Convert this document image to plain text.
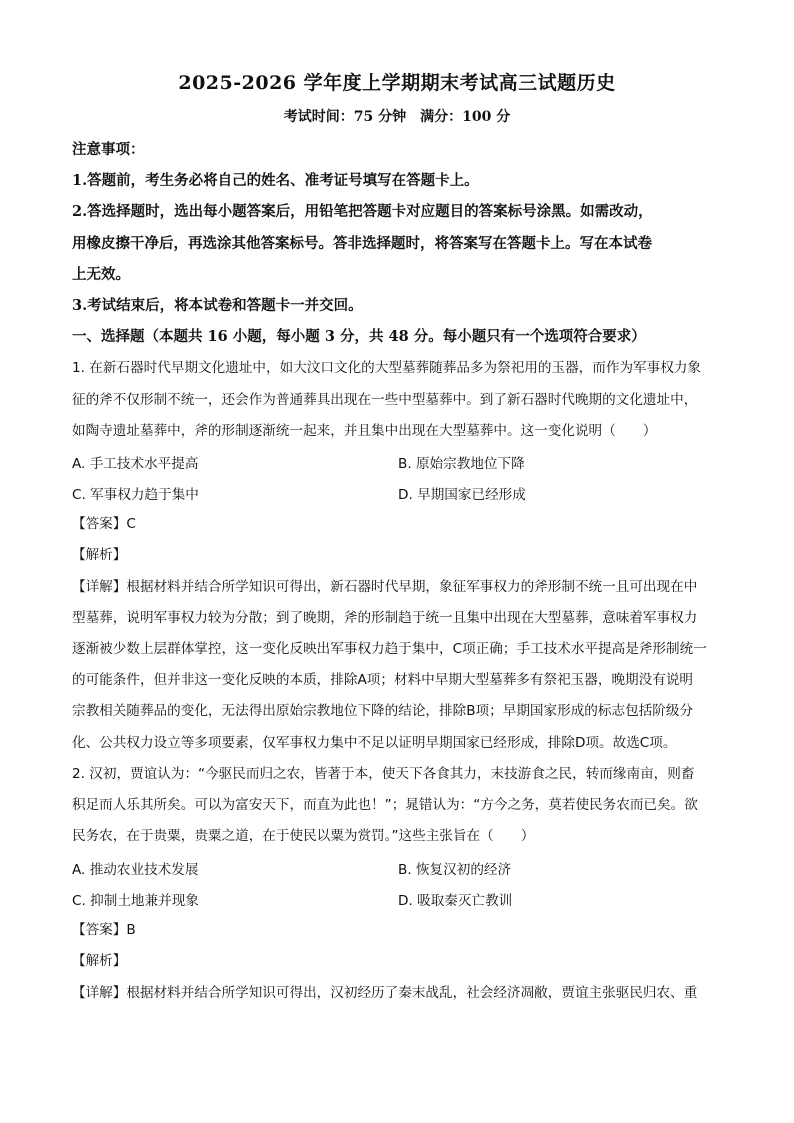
2025-2026 学年度上学期期末考试高三试题历史
考试时间：75 分钟　满分：100 分
注意事项：
1.答题前，考生务必将自己的姓名、准考证号填写在答题卡上。
2.答选择题时，选出每小题答案后，用铅笔把答题卡对应题目的答案标号涂黑。如需改动，
用橡皮擦干净后，再选涂其他答案标号。答非选择题时，将答案写在答题卡上。写在本试卷
上无效。
3.考试结束后，将本试卷和答题卡一并交回。
一、选择题（本题共 16 小题，每小题 3 分，共 48 分。每小题只有一个选项符合要求）
1. 在新石器时代早期文化遗址中，如大汶口文化的大型墓葬随葬品多为祭祀用的玉器，而作为军事权力象
征的斧不仅形制不统一，还会作为普通葬具出现在一些中型墓葬中。到了新石器时代晚期的文化遗址中，
如陶寺遗址墓葬中，斧的形制逐渐统一起来，并且集中出现在大型墓葬中。这一变化说明（　　）
A. 手工技术水平提高	B. 原始宗教地位下降
C. 军事权力趋于集中	D. 早期国家已经形成
【答案】C
【解析】
【详解】根据材料并结合所学知识可得出，新石器时代早期，象征军事权力的斧形制不统一且可出现在中
型墓葬，说明军事权力较为分散；到了晚期，斧的形制趋于统一且集中出现在大型墓葬，意味着军事权力
逐渐被少数上层群体掌控，这一变化反映出军事权力趋于集中，C项正确；手工技术水平提高是斧形制统一
的可能条件，但并非这一变化反映的本质，排除A项；材料中早期大型墓葬多有祭祀玉器，晚期没有说明
宗教相关随葬品的变化，无法得出原始宗教地位下降的结论，排除B项；早期国家形成的标志包括阶级分
化、公共权力设立等多项要素，仅军事权力集中不足以证明早期国家已经形成，排除D项。故选C项。
2. 汉初，贾谊认为：“今驱民而归之农，皆著于本，使天下各食其力，末技游食之民，转而缘南亩，则畜
积足而人乐其所矣。可以为富安天下，而直为此也！”；晁错认为：“方今之务，莫若使民务农而已矣。欲
民务农，在于贵粟，贵粟之道，在于使民以粟为赏罚。”这些主张旨在（　　）
A. 推动农业技术发展	B. 恢复汉初的经济
C. 抑制土地兼并现象	D. 吸取秦灭亡教训
【答案】B
【解析】
【详解】根据材料并结合所学知识可得出，汉初经历了秦末战乱，社会经济凋敝，贾谊主张驱民归农、重
